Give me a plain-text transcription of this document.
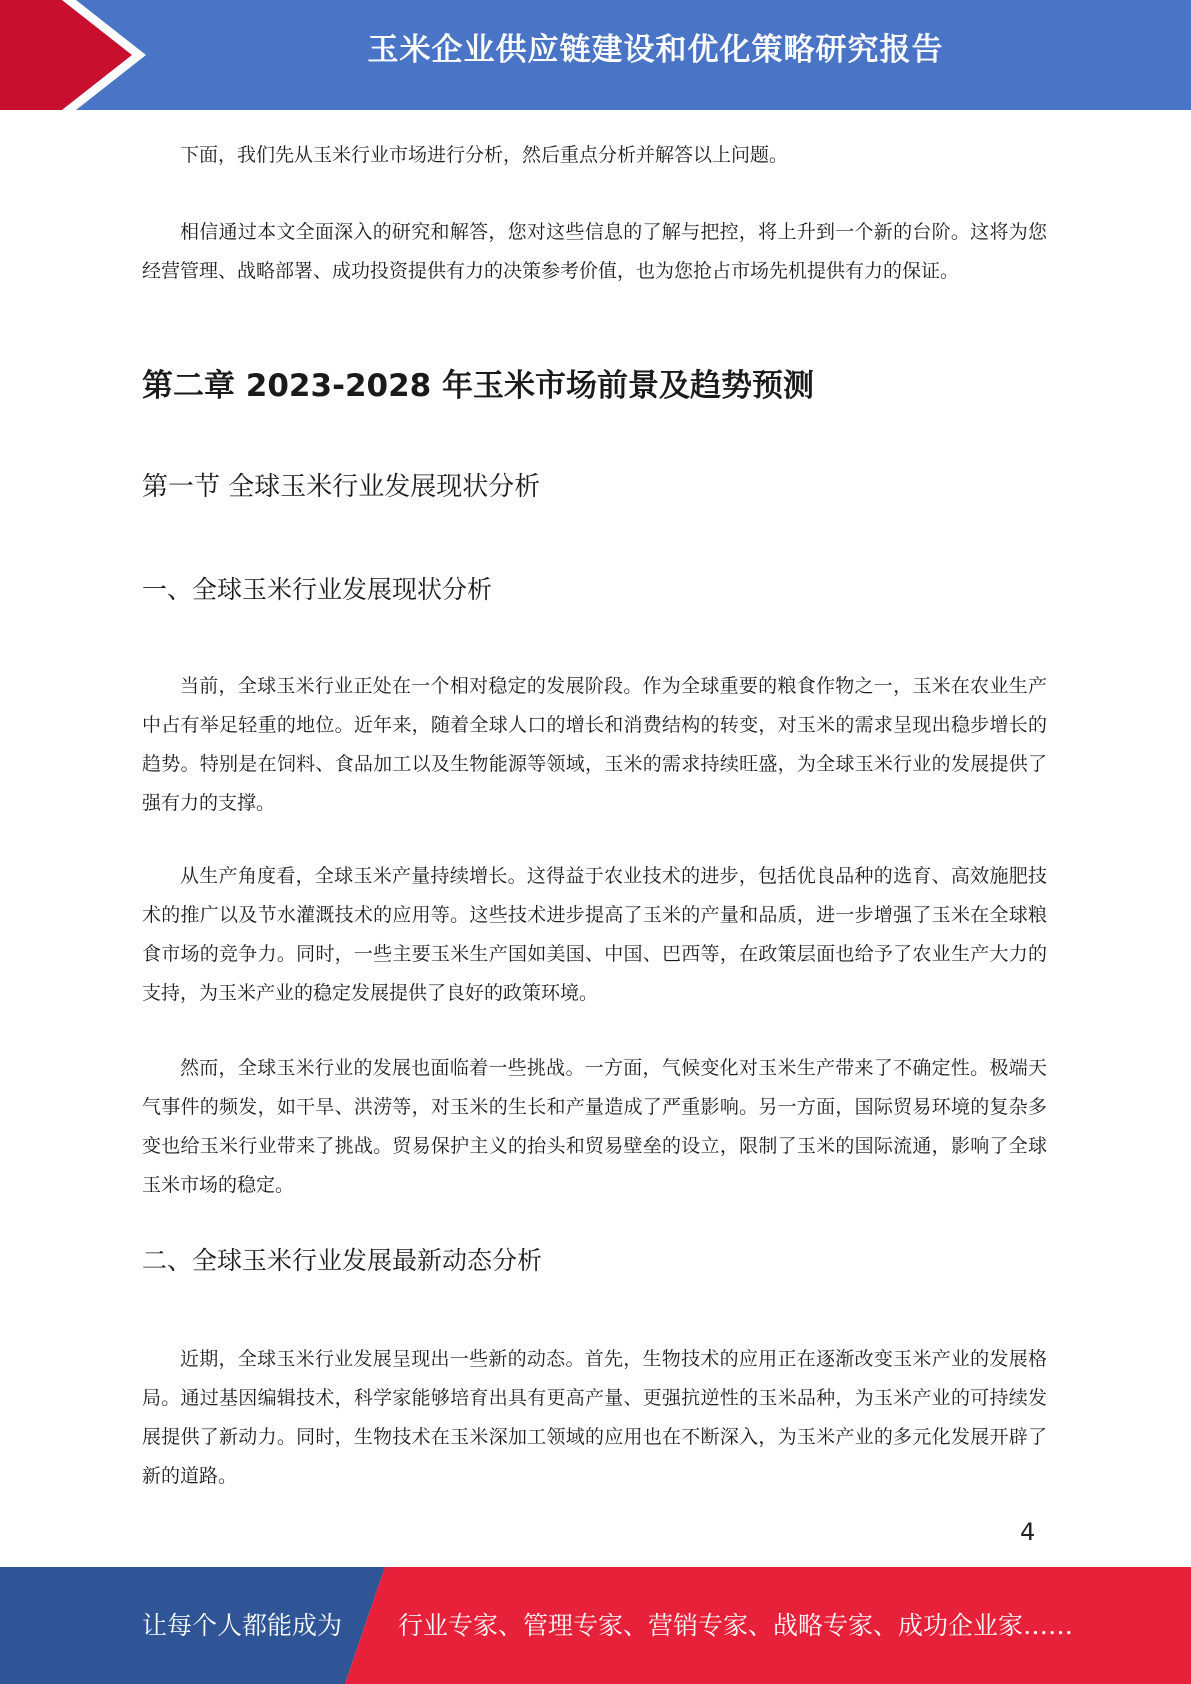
玉米企业供应链建设和优化策略研究报告

下面，我们先从玉米行业市场进行分析，然后重点分析并解答以上问题。

相信通过本文全面深入的研究和解答，您对这些信息的了解与把控，将上升到一个新的台阶。这将为您经营管理、战略部署、成功投资提供有力的决策参考价值，也为您抢占市场先机提供有力的保证。

第二章 2023-2028 年玉米市场前景及趋势预测
第一节 全球玉米行业发展现状分析
一、全球玉米行业发展现状分析

当前，全球玉米行业正处在一个相对稳定的发展阶段。作为全球重要的粮食作物之一，玉米在农业生产中占有举足轻重的地位。近年来，随着全球人口的增长和消费结构的转变，对玉米的需求呈现出稳步增长的趋势。特别是在饲料、食品加工以及生物能源等领域，玉米的需求持续旺盛，为全球玉米行业的发展提供了强有力的支撑。

从生产角度看，全球玉米产量持续增长。这得益于农业技术的进步，包括优良品种的选育、高效施肥技术的推广以及节水灌溉技术的应用等。这些技术进步提高了玉米的产量和品质，进一步增强了玉米在全球粮食市场的竞争力。同时，一些主要玉米生产国如美国、中国、巴西等，在政策层面也给予了农业生产大力的支持，为玉米产业的稳定发展提供了良好的政策环境。

然而，全球玉米行业的发展也面临着一些挑战。一方面，气候变化对玉米生产带来了不确定性。极端天气事件的频发，如干旱、洪涝等，对玉米的生长和产量造成了严重影响。另一方面，国际贸易环境的复杂多变也给玉米行业带来了挑战。贸易保护主义的抬头和贸易壁垒的设立，限制了玉米的国际流通，影响了全球玉米市场的稳定。

二、全球玉米行业发展最新动态分析

近期，全球玉米行业发展呈现出一些新的动态。首先，生物技术的应用正在逐渐改变玉米产业的发展格局。通过基因编辑技术，科学家能够培育出具有更高产量、更强抗逆性的玉米品种，为玉米产业的可持续发展提供了新动力。同时，生物技术在玉米深加工领域的应用也在不断深入，为玉米产业的多元化发展开辟了新的道路。

4
让每个人都能成为 行业专家、管理专家、营销专家、战略专家、成功企业家……
